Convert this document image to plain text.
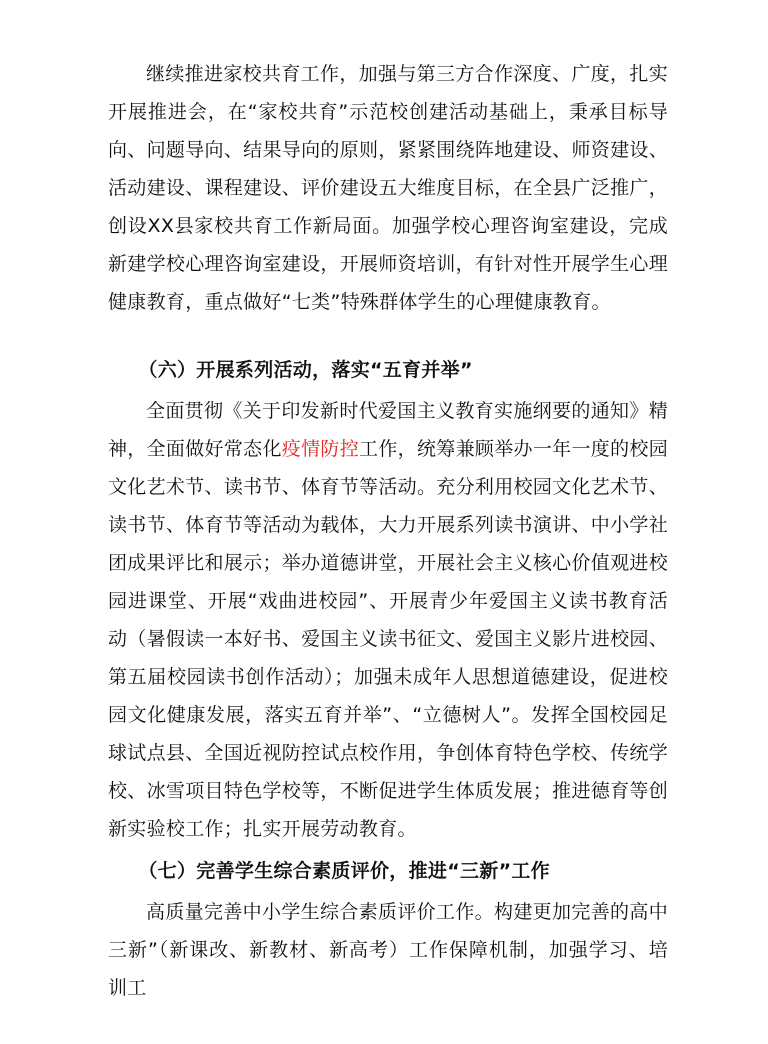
继续推进家校共育工作，加强与第三方合作深度、广度，扎实开展推进会，在“家校共育”示范校创建活动基础上，秉承目标导向、问题导向、结果导向的原则，紧紧围绕阵地建设、师资建设、活动建设、课程建设、评价建设五大维度目标，在全县广泛推广，创设XX县家校共育工作新局面。加强学校心理咨询室建设，完成新建学校心理咨询室建设，开展师资培训，有针对性开展学生心理健康教育，重点做好“七类”特殊群体学生的心理健康教育。

（六）开展系列活动，落实“五育并举”

全面贯彻《关于印发新时代爱国主义教育实施纲要的通知》精神，全面做好常态化疫情防控工作，统筹兼顾举办一年一度的校园文化艺术节、读书节、体育节等活动。充分利用校园文化艺术节、读书节、体育节等活动为载体，大力开展系列读书演讲、中小学社团成果评比和展示；举办道德讲堂，开展社会主义核心价值观进校园进课堂、开展“戏曲进校园”、开展青少年爱国主义读书教育活动（暑假读一本好书、爱国主义读书征文、爱国主义影片进校园、第五届校园读书创作活动）；加强未成年人思想道德建设，促进校园文化健康发展，落实五育并举”、“立德树人”。发挥全国校园足球试点县、全国近视防控试点校作用，争创体育特色学校、传统学校、冰雪项目特色学校等，不断促进学生体质发展；推进德育等创新实验校工作；扎实开展劳动教育。

（七）完善学生综合素质评价，推进“三新”工作

高质量完善中小学生综合素质评价工作。构建更加完善的高中三新”（新课改、新教材、新高考）工作保障机制，加强学习、培训工
